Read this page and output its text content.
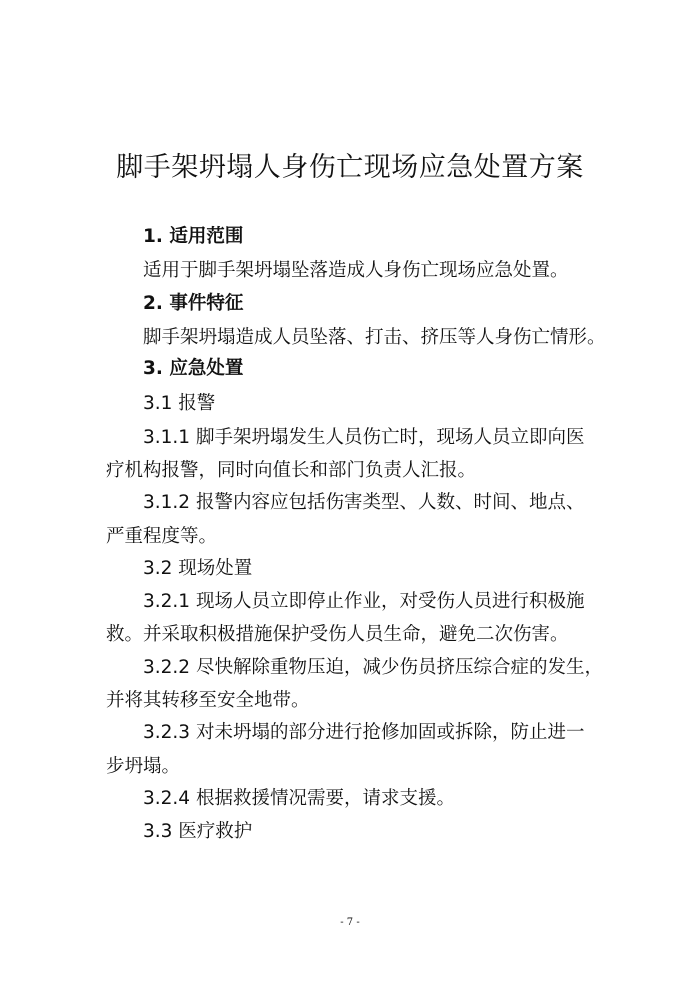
脚手架坍塌人身伤亡现场应急处置方案
1. 适用范围
适用于脚手架坍塌坠落造成人身伤亡现场应急处置。
2. 事件特征
脚手架坍塌造成人员坠落、打击、挤压等人身伤亡情形。
3. 应急处置
3.1 报警
3.1.1 脚手架坍塌发生人员伤亡时，现场人员立即向医
疗机构报警，同时向值长和部门负责人汇报。
3.1.2 报警内容应包括伤害类型、人数、时间、地点、
严重程度等。
3.2 现场处置
3.2.1 现场人员立即停止作业，对受伤人员进行积极施
救。并采取积极措施保护受伤人员生命，避免二次伤害。
3.2.2 尽快解除重物压迫，减少伤员挤压综合症的发生，
并将其转移至安全地带。
3.2.3 对未坍塌的部分进行抢修加固或拆除，防止进一
步坍塌。
3.2.4 根据救援情况需要，请求支援。
3.3 医疗救护
- 7 -
